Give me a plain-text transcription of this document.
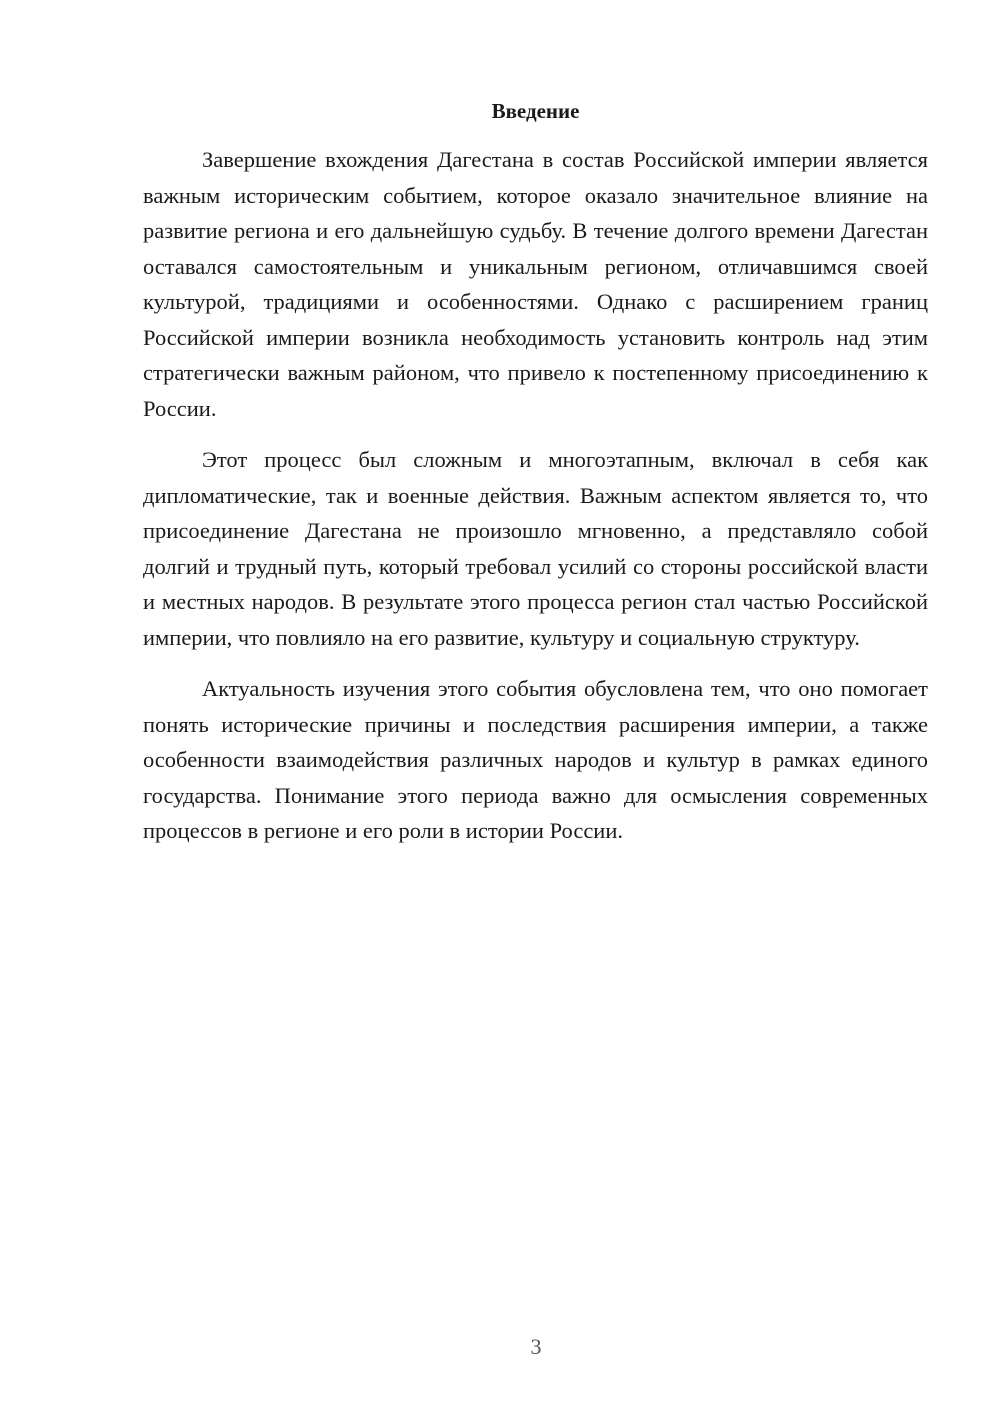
Введение

Завершение вхождения Дагестана в состав Российской империи является важным историческим событием, которое оказало значительное влияние на развитие региона и его дальнейшую судьбу. В течение долгого времени Дагестан оставался самостоятельным и уникальным регионом, отличавшимся своей культурой, традициями и особенностями. Однако с расширением границ Российской империи возникла необходимость установить контроль над этим стратегически важным районом, что привело к постепенному присоединению к России.

Этот процесс был сложным и многоэтапным, включал в себя как дипломатические, так и военные действия. Важным аспектом является то, что присоединение Дагестана не произошло мгновенно, а представляло собой долгий и трудный путь, который требовал усилий со стороны российской власти и местных народов. В результате этого процесса регион стал частью Российской империи, что повлияло на его развитие, культуру и социальную структуру.

Актуальность изучения этого события обусловлена тем, что оно помогает понять исторические причины и последствия расширения империи, а также особенности взаимодействия различных народов и культур в рамках единого государства. Понимание этого периода важно для осмысления современных процессов в регионе и его роли в истории России.

3
